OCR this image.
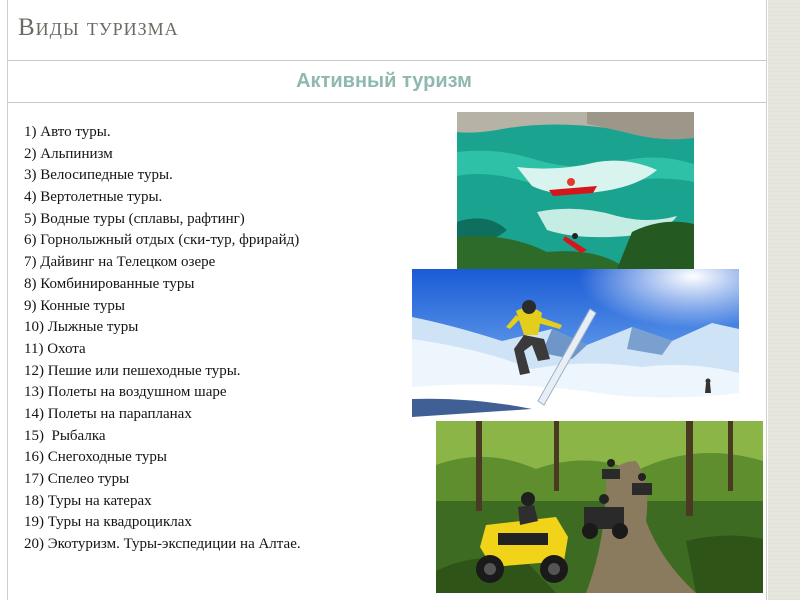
Виды туризма
Активный туризм
1) Авто туры.
2) Альпинизм
3) Велосипедные туры.
4) Вертолетные туры.
5) Водные туры (сплавы, рафтинг)
6) Горнолыжный отдых (ски-тур, фрирайд)
7) Дайвинг на Телецком озере
8) Комбинированные туры
9) Конные туры
10) Лыжные туры
11) Охота
12) Пешие или пешеходные туры.
13) Полеты на воздушном шаре
14) Полеты на парапланах
15)  Рыбалка
16) Снегоходные туры
17) Спелео туры
18) Туры на катерах
19) Туры на квадроциклах
20) Экотуризм. Туры-экспедиции на Алтае.
